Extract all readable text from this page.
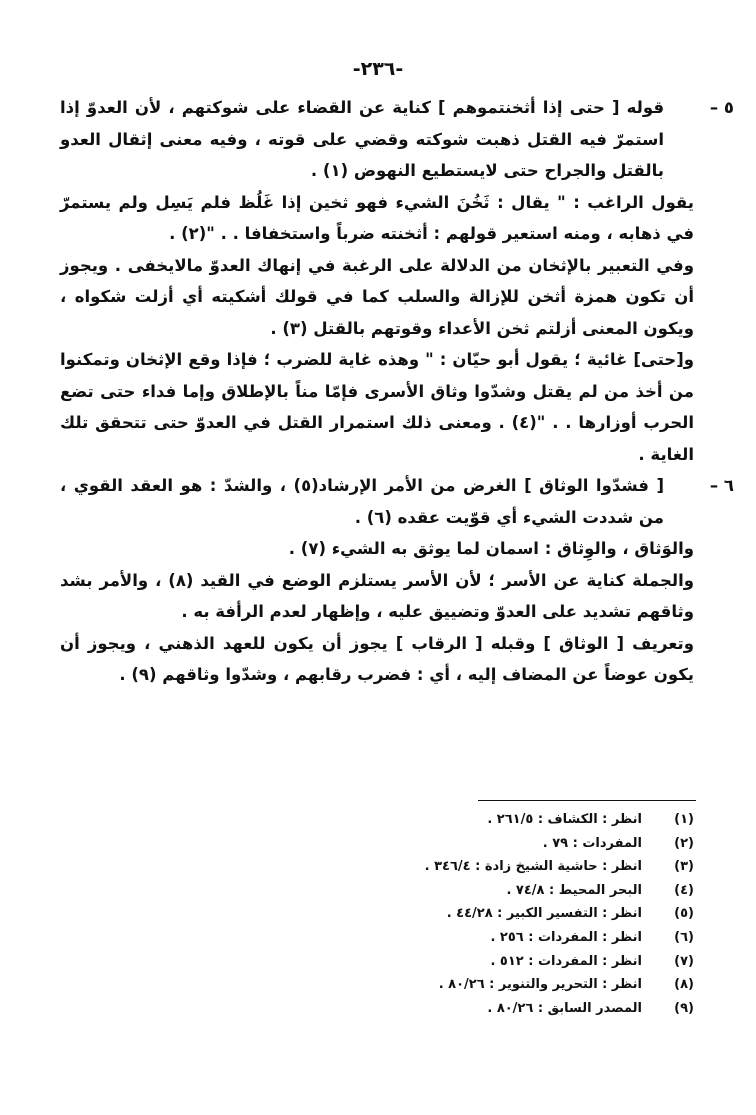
-٢٣٦-
٥ –

قوله [ حتى إذا أثخنتموهم ] كناية عن القضاء على شوكتهم ، لأن العدوّ إذا استمرّ فيه القتل ذهبت شوكته وقضي على قوته ، وفيه معنى إثقال العدو بالقتل والجراح حتى لايستطيع النهوض (١) .

يقول الراغب : " يقال : ثَخُنَ الشيء فهو ثخين إذا غَلُظ فلم يَسِل ولم يستمرّ في ذهابه ، ومنه استعير قولهم : أثخنته ضرباً واستخفافا . . "(٢) .

وفي التعبير بالإثخان من الدلالة على الرغبة في إنهاك العدوّ مالايخفى . ويجوز أن تكون همزة أثخن للإزالة والسلب كما في قولك أشكيته أي أزلت شكواه ، ويكون المعنى أزلتم ثخن الأعداء وقوتهم بالقتل (٣) .

و[حتى] غائية ؛ يقول أبو حيّان : " وهذه غاية للضرب ؛ فإذا وقع الإثخان وتمكنوا من أخذ من لم يقتل وشدّوا وثاق الأسرى فإمّا مناً بالإطلاق وإما فداء حتى تضع الحرب أوزارها . . "(٤) . ومعنى ذلك استمرار القتل في العدوّ حتى تتحقق تلك الغاية .

٦ –

[ فشدّوا الوثاق ] الغرض من الأمر الإرشاد(٥) ، والشدّ : هو العقد القوي ، من شددت الشيء أي قوّيت عقده (٦) .

والوَثاق ، والوِثاق : اسمان لما يوثق به الشيء (٧) .

والجملة كناية عن الأسر ؛ لأن الأسر يستلزم الوضع في القيد (٨) ، والأمر بشد وثاقهم تشديد على العدوّ وتضييق عليه ، وإظهار لعدم الرأفة به .

وتعريف [ الوثاق ] وقبله [ الرقاب ] يجوز أن يكون للعهد الذهني ، ويجوز أن يكون عوضاً عن المضاف إليه ، أي : فضرب رقابهم ، وشدّوا وثاقهم (٩) .

(١)
انظر : الكشاف : ٢٦١/٥ .
(٢)
المفردات : ٧٩ .
(٣)
انظر : حاشية الشيخ زادة : ٣٤٦/٤ .
(٤)
البحر المحيط : ٧٤/٨ .
(٥)
انظر : التفسير الكبير : ٤٤/٢٨ .
(٦)
انظر : المفردات : ٢٥٦ .
(٧)
انظر : المفردات : ٥١٢ .
(٨)
انظر : التحرير والتنوير : ٨٠/٢٦ .
(٩)
المصدر السابق : ٨٠/٢٦ .
